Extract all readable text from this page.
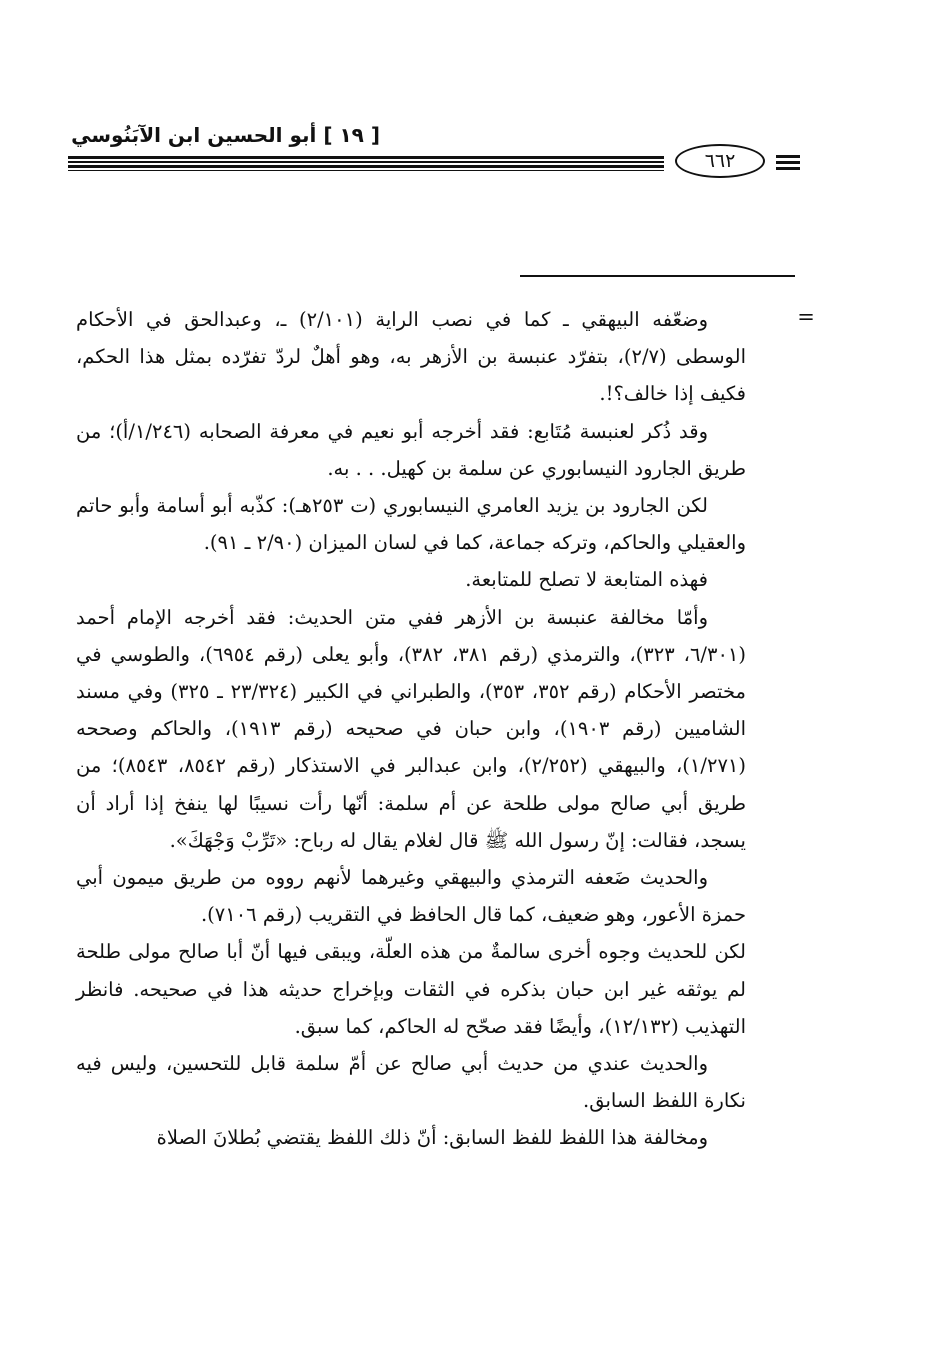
[ ١٩ ] أبو الحسين ابن الآبَنُوسي
٦٦٢
=

وضعّفه البيهقي ـ كما في نصب الراية (٢/١٠١) ـ، وعبدالحق في الأحكام الوسطى (٢/٧)، بتفرّد عنبسة بن الأزهر به، وهو أهلٌ لردّ تفرّده بمثل هذا الحكم، فكيف إذا خالف؟!.

وقد ذُكر لعنبسة مُتَابع: فقد أخرجه أبو نعيم في معرفة الصحابه (١/٢٤٦/أ)؛ من طريق الجارود النيسابوري عن سلمة بن كهيل. . . به.

لكن الجارود بن يزيد العامري النيسابوري (ت ٢٥٣هـ): كذّبه أبو أسامة وأبو حاتم والعقيلي والحاكم، وتركه جماعة، كما في لسان الميزان (٢/٩٠ ـ ٩١).

فهذه المتابعة لا تصلح للمتابعة.

وأمّا مخالفة عنبسة بن الأزهر ففي متن الحديث: فقد أخرجه الإمام أحمد (٦/٣٠١، ٣٢٣)، والترمذي (رقم ٣٨١، ٣٨٢)، وأبو يعلى (رقم ٦٩٥٤)، والطوسي في مختصر الأحكام (رقم ٣٥٢، ٣٥٣)، والطبراني في الكبير (٢٣/٣٢٤ ـ ٣٢٥) وفي مسند الشاميين (رقم ١٩٠٣)، وابن حبان في صحيحه (رقم ١٩١٣)، والحاكم وصححه (١/٢٧١)، والبيهقي (٢/٢٥٢)، وابن عبدالبر في الاستذكار (رقم ٨٥٤٢، ٨٥٤٣)؛ من طريق أبي صالح مولى طلحة عن أم سلمة: أنّها رأت نسيبًا لها ينفخ إذا أراد أن يسجد، فقالت: إنّ رسول الله ﷺ قال لغلام يقال له رباح: «تَرِّبْ وَجْهَكَ».

والحديث ضَعفه الترمذي والبيهقي وغيرهما لأنهم رووه من طريق ميمون أبي حمزة الأعور، وهو ضعيف، كما قال الحافظ في التقريب (رقم ٧١٠٦).

لكن للحديث وجوه أخرى سالمةٌ من هذه العلّة، ويبقى فيها أنّ أبا صالح مولى طلحة لم يوثقه غير ابن حبان بذكره في الثقات وبإخراج حديثه هذا في صحيحه. فانظر التهذيب (١٢/١٣٢)، وأيضًا فقد صحّح له الحاكم، كما سبق.

والحديث عندي من حديث أبي صالح عن أمّ سلمة قابل للتحسين، وليس فيه نكارة اللفظ السابق.

ومخالفة هذا اللفظ للفظ السابق: أنّ ذلك اللفظ يقتضي بُطلانَ الصلاة
